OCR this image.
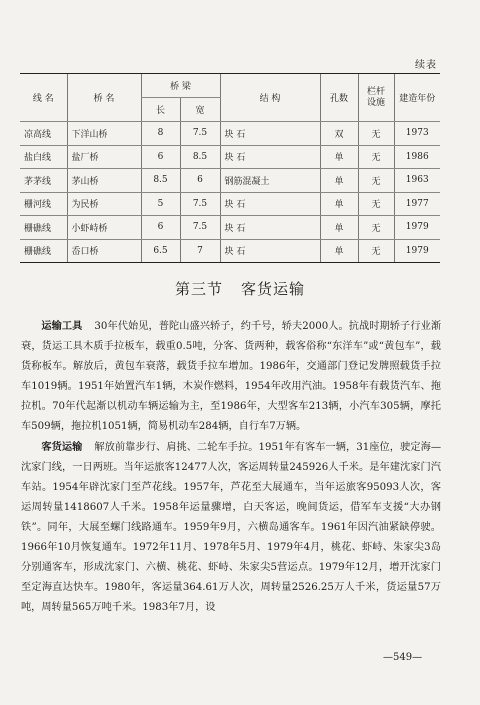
续表
线 名	桥 名	桥 梁		结 构	孔数	栏杆设施	建造年份
		长	宽				
凉高线	下洋山桥	8	7.5	块 石	双	无	1973
盐白线	盐厂桥	6	8.5	块 石	单	无	1986
茅茅线	茅山桥	8.5	6	钢筋混凝土	单	无	1963
栅河线	为民桥	5	7.5	块 石	单	无	1977
栅礁线	小虾峙桥	6	7.5	块 石	单	无	1979
栅礁线	岙口桥	6.5	7	块 石	单	无	1979
第三节 客货运输

运输工具 30年代始见，普陀山盛兴轿子，约千号，轿夫2000人。抗战时期轿子行业渐衰，货运工具木质手拉板车，载重0.5吨，分客、货两种，载客俗称“东洋车”或“黄包车”，载货称板车。解放后，黄包车衰落，载货手拉车增加。1986年，交通部门登记发牌照载货手拉车1019辆。1951年始置汽车1辆，木炭作燃料，1954年改用汽油。1958年有载货汽车、拖拉机。70年代起渐以机动车辆运输为主，至1986年，大型客车213辆，小汽车305辆，摩托车509辆，拖拉机1051辆，简易机动车284辆，自行车7万辆。

客货运输 解放前靠步行、肩挑、二轮车手拉。1951年有客车一辆，31座位，驶定海—沈家门线，一日两班。当年运旅客12477人次，客运周转量245926人千米。是年建沈家门汽车站。1954年辟沈家门至芦花线。1957年，芦花至大展通车，当年运旅客95093人次，客运周转量1418607人千米。1958年运量骤增，白天客运，晚间货运，借军车支援“大办钢铁”。同年，大展至螺门线路通车。1959年9月，六横岛通客车。1961年因汽油紧缺停驶。1966年10月恢复通车。1972年11月、1978年5月、1979年4月，桃花、虾峙、朱家尖3岛分别通客车，形成沈家门、六横、桃花、虾峙、朱家尖5营运点。1979年12月，增开沈家门至定海直达快车。1980年，客运量364.61万人次，周转量2526.25万人千米，货运量57万吨，周转量565万吨千米。1983年7月，设

—549—
